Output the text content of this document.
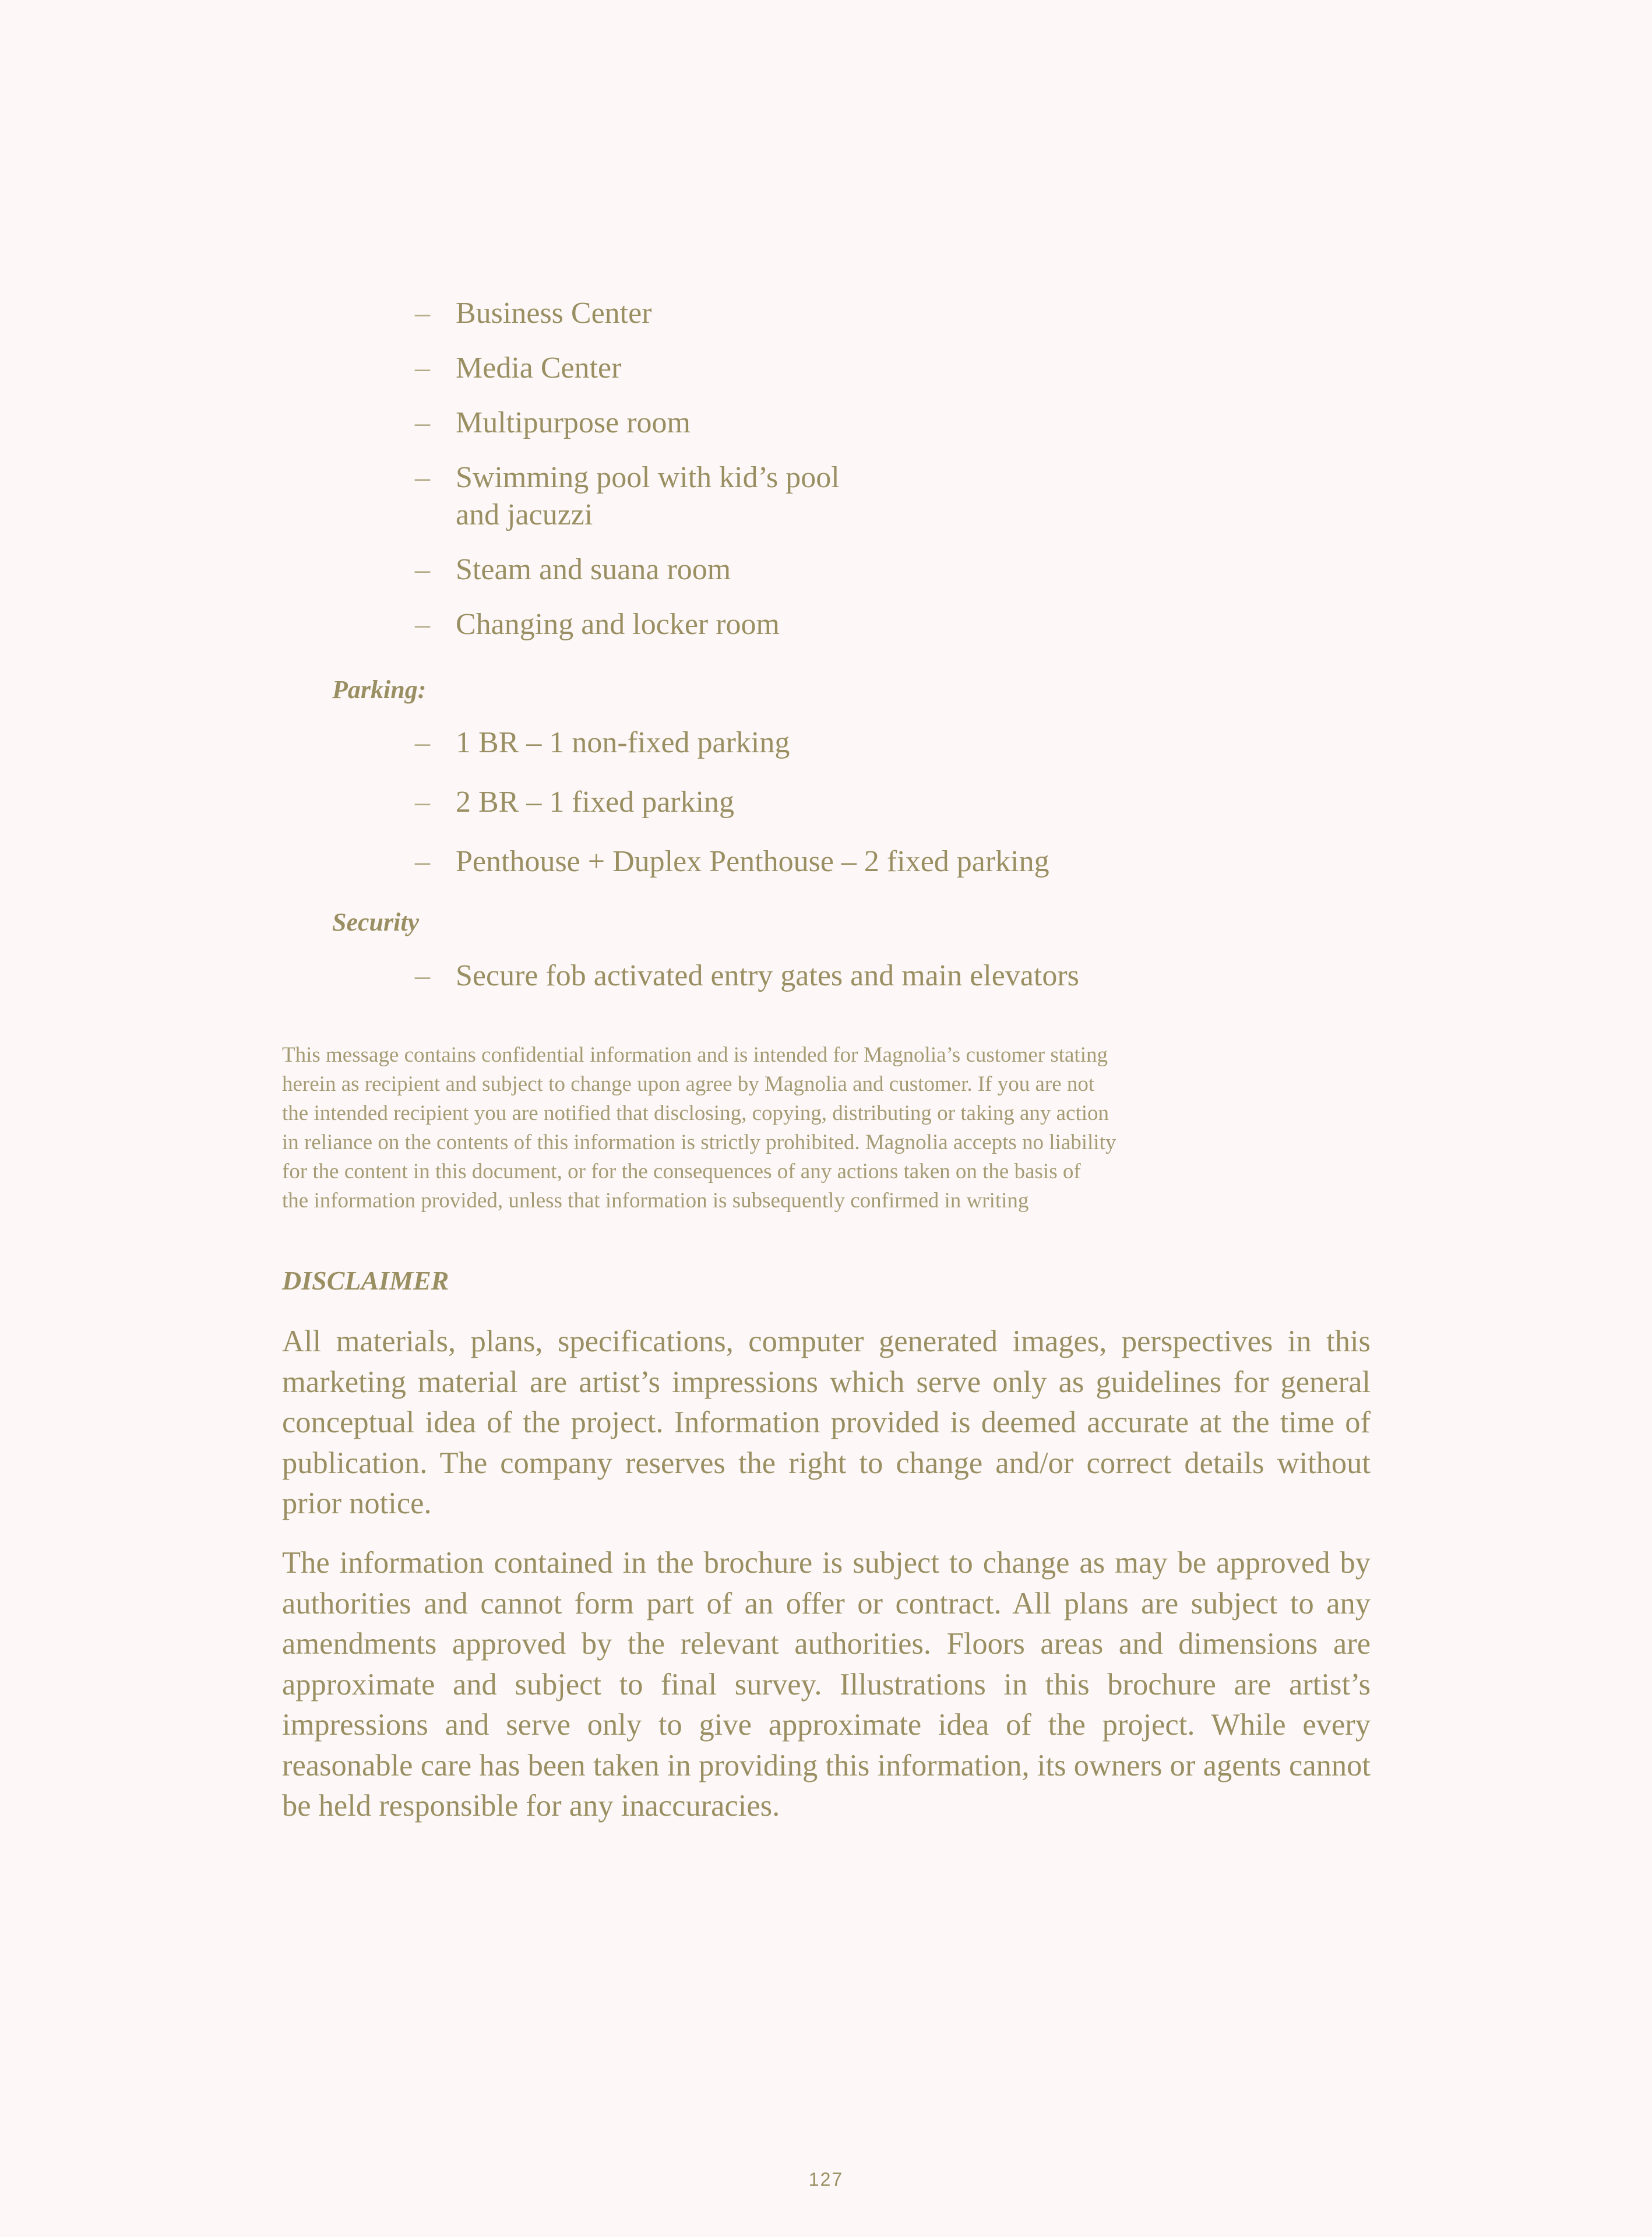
– Business Center
– Media Center
– Multipurpose room
– Swimming pool with kid’s pool
and jacuzzi
– Steam and suana room
– Changing and locker room
Parking:
– 1 BR – 1 non-fixed parking
– 2 BR – 1 fixed parking
– Penthouse + Duplex Penthouse – 2 fixed parking
Security
– Secure fob activated entry gates and main elevators

This message contains confidential information and is intended for Magnolia’s customer stating
herein as recipient and subject to change upon agree by Magnolia and customer. If you are not
the intended recipient you are notified that disclosing, copying, distributing or taking any action
in reliance on the contents of this information is strictly prohibited. Magnolia accepts no liability
for the content in this document, or for the consequences of any actions taken on the basis of
the information provided, unless that information is subsequently confirmed in writing

DISCLAIMER

All materials, plans, specifications, computer generated images, perspectives in this marketing material are artist’s impressions which serve only as guidelines for general conceptual idea of the project. Information provided is deemed accurate at the time of publication. The company reserves the right to change and/or correct details without prior notice.

The information contained in the brochure is subject to change as may be approved by authorities and cannot form part of an offer or contract. All plans are subject to any amendments approved by the relevant authorities. Floors areas and dimensions are approximate and subject to final survey. Illustrations in this brochure are artist’s impressions and serve only to give approximate idea of the project. While every reasonable care has been taken in providing this information, its owners or agents cannot be held responsible for any inaccuracies.

127
